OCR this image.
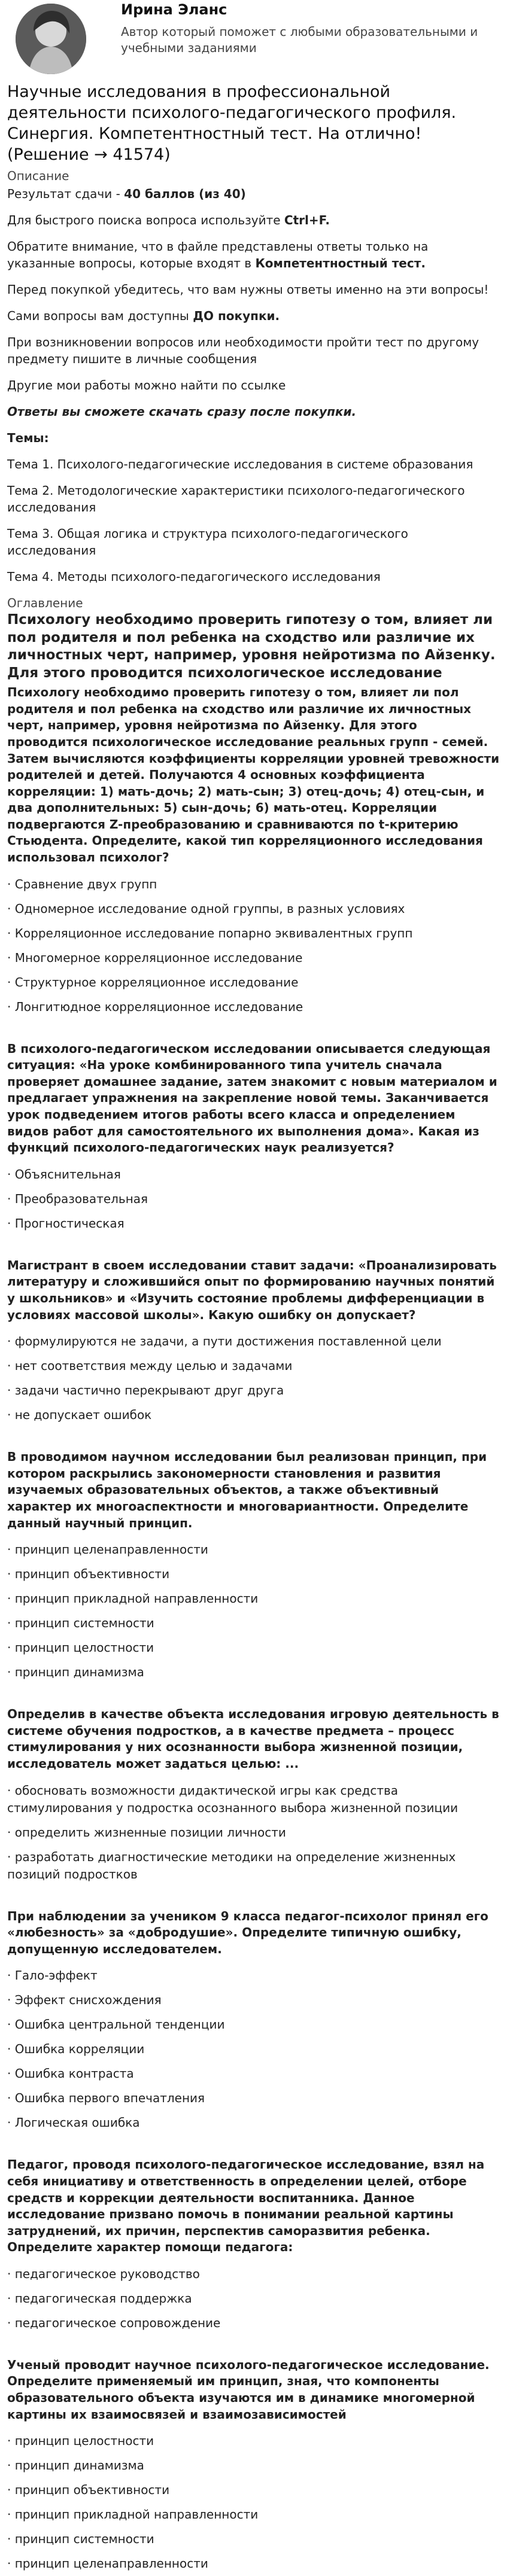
Ирина Эланс
Автор который поможет с любыми образовательными и учебными заданиями
Научные исследования в профессиональной деятельности психолого-педагогического профиля. Синергия. Компетентностный тест. На отлично! (Решение → 41574)
Описание

Результат сдачи - 40 баллов (из 40)

Для быстрого поиска вопроса используйте Ctrl+F.

Обратите внимание, что в файле представлены ответы только на указанные вопросы, которые входят в Компетентностный тест.

Перед покупкой убедитесь, что вам нужны ответы именно на эти вопросы!

Сами вопросы вам доступны ДО покупки.

При возникновении вопросов или необходимости пройти тест по другому предмету пишите в личные сообщения

Другие мои работы можно найти по ссылке

Ответы вы сможете скачать сразу после покупки.

Темы:

Тема 1. Психолого-педагогические исследования в системе образования

Тема 2. Методологические характеристики психолого-педагогического исследования

Тема 3. Общая логика и структура психолого-педагогического исследования

Тема 4. Методы психолого-педагогического исследования

Оглавление
Психологу необходимо проверить гипотезу о том, влияет ли пол родителя и пол ребенка на сходство или различие их личностных черт, например, уровня нейротизма по Айзенку. Для этого проводится психологическое исследование

Психологу необходимо проверить гипотезу о том, влияет ли пол родителя и пол ребенка на сходство или различие их личностных черт, например, уровня нейротизма по Айзенку. Для этого проводится психологическое исследование реальных групп - семей. Затем вычисляются коэффициенты корреляции уровней тревожности родителей и детей. Получаются 4 основных коэффициента корреляции: 1) мать-дочь; 2) мать-сын; 3) отец-дочь; 4) отец-сын, и два дополнительных: 5) сын-дочь; 6) мать-отец. Корреляции подвергаются Z-преобразованию и сравниваются по t-критерию Стьюдента. Определите, какой тип корреляционного исследования использовал психолог?

· Сравнение двух групп

· Одномерное исследование одной группы, в разных условиях

· Корреляционное исследование попарно эквивалентных групп

· Многомерное корреляционное исследование

· Структурное корреляционное исследование

· Лонгитюдное корреляционное исследование

В психолого-педагогическом исследовании описывается следующая ситуация: «На уроке комбинированного типа учитель сначала проверяет домашнее задание, затем знакомит с новым материалом и предлагает упражнения на закрепление новой темы. Заканчивается урок подведением итогов работы всего класса и определением видов работ для самостоятельного их выполнения дома». Какая из функций психолого-педагогических наук реализуется?

· Объяснительная

· Преобразовательная

· Прогностическая

Магистрант в своем исследовании ставит задачи: «Проанализировать литературу и сложившийся опыт по формированию научных понятий у школьников» и «Изучить состояние проблемы дифференциации в условиях массовой школы». Какую ошибку он допускает?

· формулируются не задачи, а пути достижения поставленной цели

· нет соответствия между целью и задачами

· задачи частично перекрывают друг друга

· не допускает ошибок

В проводимом научном исследовании был реализован принцип, при котором раскрылись закономерности становления и развития изучаемых образовательных объектов, а также объективный характер их многоаспектности и многовариантности. Определите данный научный принцип.

· принцип целенаправленности

· принцип объективности

· принцип прикладной направленности

· принцип системности

· принцип целостности

· принцип динамизма

Определив в качестве объекта исследования игровую деятельность в системе обучения подростков, а в качестве предмета – процесс стимулирования у них осознанности выбора жизненной позиции, исследователь может задаться целью: ...

· обосновать возможности дидактической игры как средства стимулирования у подростка осознанного выбора жизненной позиции

· определить жизненные позиции личности

· разработать диагностические методики на определение жизненных позиций подростков

При наблюдении за учеником 9 класса педагог-психолог принял его «любезность» за «добродушие». Определите типичную ошибку, допущенную исследователем.

· Гало-эффект

· Эффект снисхождения

· Ошибка центральной тенденции

· Ошибка корреляции

· Ошибка контраста

· Ошибка первого впечатления

· Логическая ошибка

Педагог, проводя психолого-педагогическое исследование, взял на себя инициативу и ответственность в определении целей, отборе средств и коррекции деятельности воспитанника. Данное исследование призвано помочь в понимании реальной картины затруднений, их причин, перспектив саморазвития ребенка. Определите характер помощи педагога:

· педагогическое руководство

· педагогическая поддержка

· педагогическое сопровождение

Ученый проводит научное психолого-педагогическое исследование. Определите применяемый им принцип, зная, что компоненты образовательного объекта изучаются им в динамике многомерной картины их взаимосвязей и взаимозависимостей

· принцип целостности

· принцип динамизма

· принцип объективности

· принцип прикладной направленности

· принцип системности

· принцип целенаправленности
